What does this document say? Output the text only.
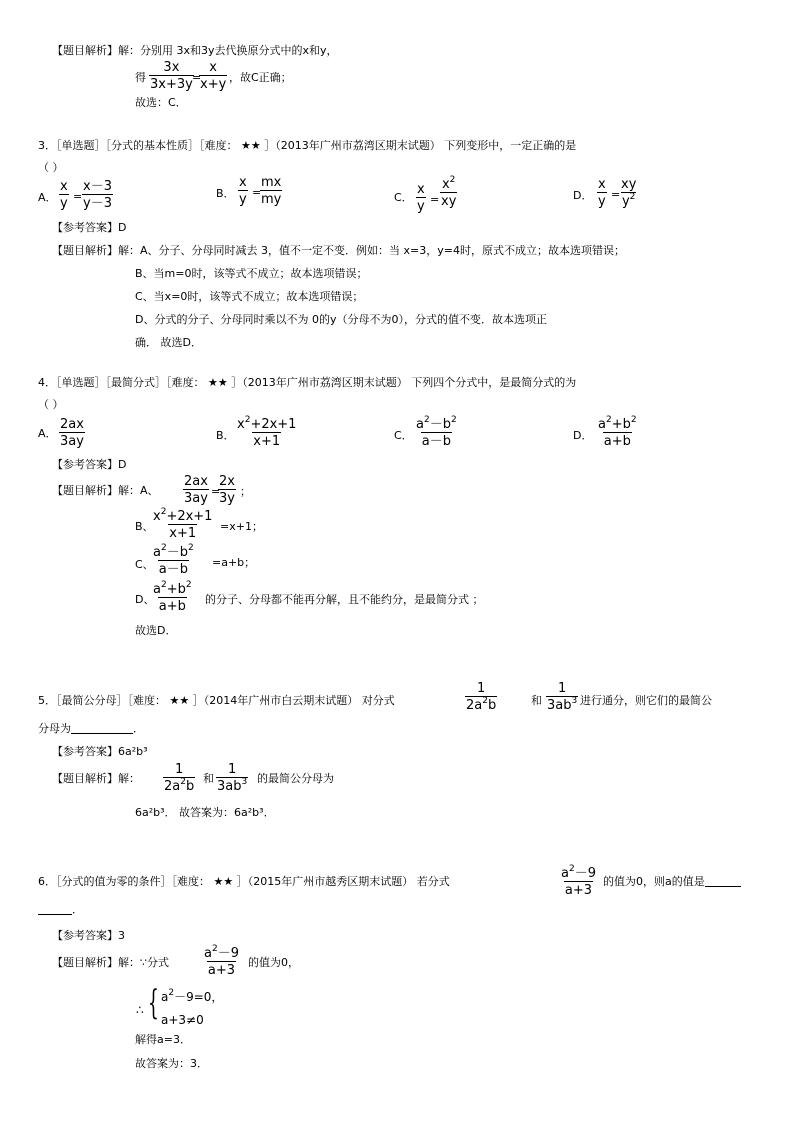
【题目解析】解：分别用 3x和3y去代换原分式中的x和y，
得 $\frac{3x}{3x+3y}$
=
$\frac{x}{x+y}$ ，故C正确；
故选：C．
3．［单选题］［分式的基本性质］［难度： ★★ ］（2013年广州市荔湾区期末试题） 下列变形中，一定正确的是
（ ）
A． $\frac{x}{y} = \frac{x-3}{y-3}$	B． $\frac{x}{y}$ =
$\frac{mx}{my}$	C． $\frac{x}{y} = \frac{x^2}{xy}$	D． $\frac{x}{y} = \frac{xy}{y^2}$
【参考答案】D
【题目解析】解：A、分子、分母同时减去 3，值不一定不变．例如：当 x=3，y=4时，原式不成立；故本选项错误；
B、当m=0时，该等式不成立；故本选项错误；
C、当x=0时，该等式不成立；故本选项错误；
D、分式的分子、分母同时乘以不为 0的y（分母不为0），分式的值不变．故本选项正
确． 故选D．
4．［单选题］［最简分式］［难度： ★★ ］（2013年广州市荔湾区期末试题） 下列四个分式中，是最简分式的为
（ ）
A． $\frac{2ax}{3ay}$	B． $\frac{x^2+2x+1}{x+1}$	C． $\frac{a^2-b^2}{a-b}$	D． $\frac{a^2+b^2}{a+b}$
【参考答案】D
【题目解析】解：A、 $\frac{2ax}{3ay}$ =
$\frac{2x}{3y}$ ；
B、
$\frac{x^2+2x+1}{x+1} =x+1$；
C、
$\frac{a^2-b^2}{a-b} =a+b$；
D、
$\frac{a^2+b^2}{a+b}$ 的分子、分母都不能再分解，且不能约分，是最简分式 ；
故选D．
5．［最简公分母］［难度： ★★ ］（2014年广州市白云期末试题） 对分式	$\frac{1}{2a^2b}$	和 $\frac{1}{3ab^3}$ 进行通分，则它们的最简公
分母为	．
【参考答案】6a²b³
【题目解析】解： $\frac{1}{2a^2b}$ 和 $\frac{1}{3ab^3}$ 的最简公分母为
6a²b³． 故答案为：6a²b³．
6．［分式的值为零的条件］［难度： ★★ ］（2015年广州市越秀区期末试题） 若分式	$\frac{a^2-9}{a+3}$ 的值为0，则a的值是
．
【参考答案】3
【题目解析】解：∵分式	$\frac{a^2-9}{a+3}$ 的值为0，
∴ { $a^2-9=0$，
a+3≠0
解得a=3．
故答案为：3．
